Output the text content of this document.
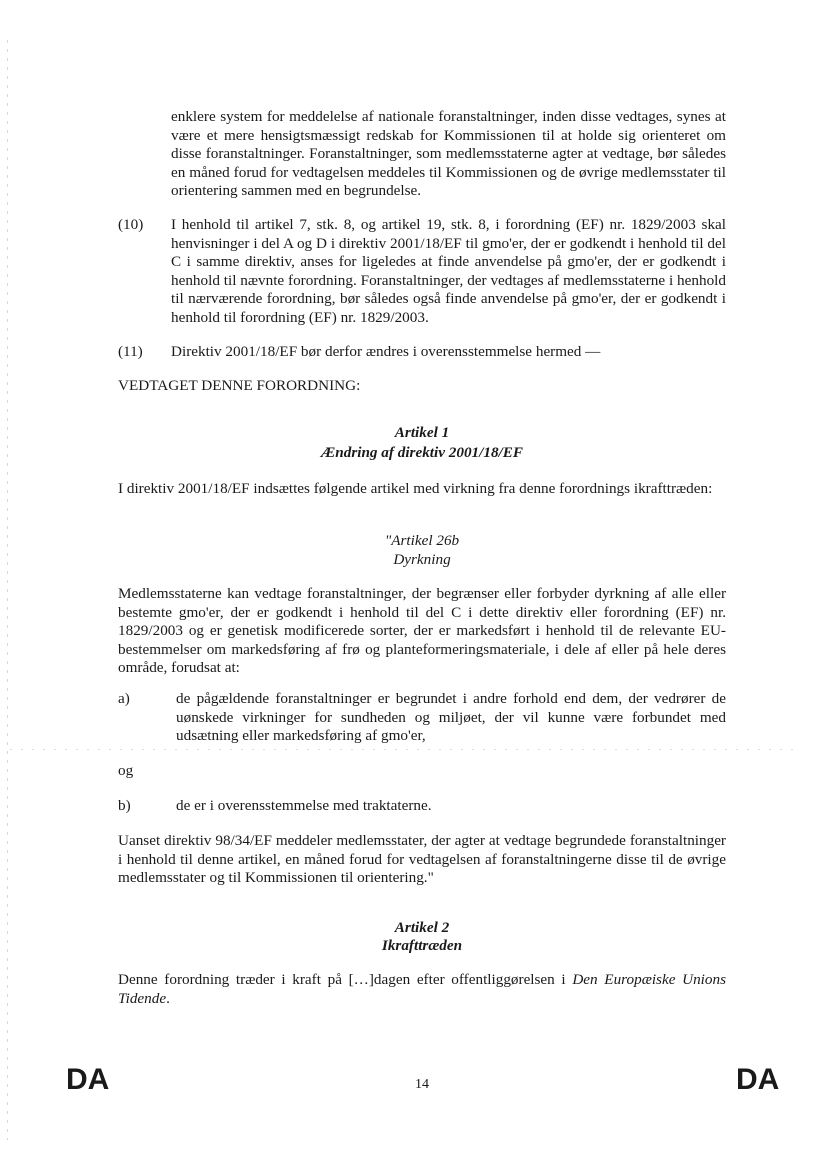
enklere system for meddelelse af nationale foranstaltninger, inden disse vedtages, synes at være et mere hensigtsmæssigt redskab for Kommissionen til at holde sig orienteret om disse foranstaltninger. Foranstaltninger, som medlemsstaterne agter at vedtage, bør således en måned forud for vedtagelsen meddeles til Kommissionen og de øvrige medlemsstater til orientering sammen med en begrundelse.
(10) I henhold til artikel 7, stk. 8, og artikel 19, stk. 8, i forordning (EF) nr. 1829/2003 skal henvisninger i del A og D i direktiv 2001/18/EF til gmo'er, der er godkendt i henhold til del C i samme direktiv, anses for ligeledes at finde anvendelse på gmo'er, der er godkendt i henhold til nævnte forordning. Foranstaltninger, der vedtages af medlemsstaterne i henhold til nærværende forordning, bør således også finde anvendelse på gmo'er, der er godkendt i henhold til forordning (EF) nr. 1829/2003.
(11) Direktiv 2001/18/EF bør derfor ændres i overensstemmelse hermed —
VEDTAGET DENNE FORORDNING:
Artikel 1
Ændring af direktiv 2001/18/EF
I direktiv 2001/18/EF indsættes følgende artikel med virkning fra denne forordnings ikrafttræden:
"Artikel 26b
Dyrkning
Medlemsstaterne kan vedtage foranstaltninger, der begrænser eller forbyder dyrkning af alle eller bestemte gmo'er, der er godkendt i henhold til del C i dette direktiv eller forordning (EF) nr. 1829/2003 og er genetisk modificerede sorter, der er markedsført i henhold til de relevante EU-bestemmelser om markedsføring af frø og planteformeringsmateriale, i dele af eller på hele deres område, forudsat at:
a)	de pågældende foranstaltninger er begrundet i andre forhold end dem, der vedrører de uønskede virkninger for sundheden og miljøet, der vil kunne være forbundet med udsætning eller markedsføring af gmo'er,
og
b)	de er i overensstemmelse med traktaterne.
Uanset direktiv 98/34/EF meddeler medlemsstater, der agter at vedtage begrundede foranstaltninger i henhold til denne artikel, en måned forud for vedtagelsen af foranstaltningerne disse til de øvrige medlemsstater og til Kommissionen til orientering."
Artikel 2
Ikrafttræden
Denne forordning træder i kraft på […]dagen efter offentliggørelsen i Den Europæiske Unions Tidende.
DA	14	DA
